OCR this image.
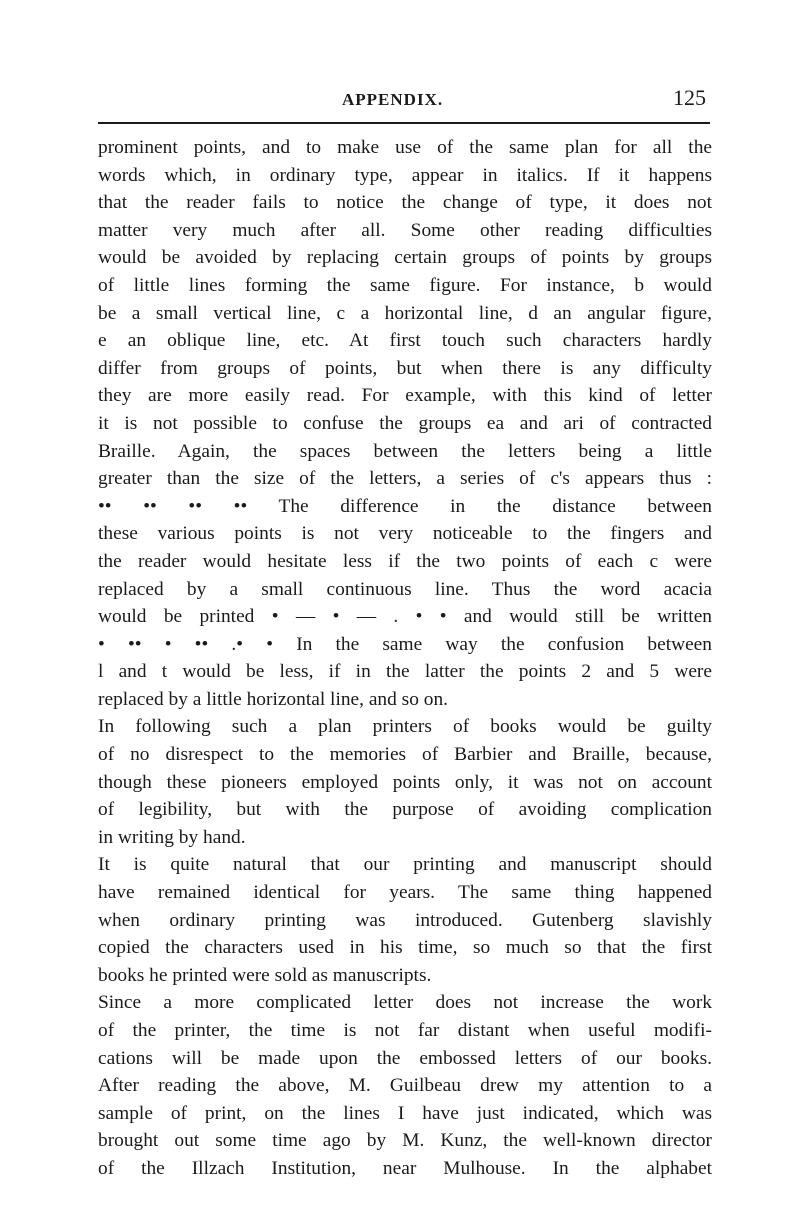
APPENDIX.	125
prominent points, and to make use of the same plan for all the
words which, in ordinary type, appear in italics. If it happens
that the reader fails to notice the change of type, it does not
matter very much after all. Some other reading difficulties
would be avoided by replacing certain groups of points by groups
of little lines forming the same figure. For instance, b would
be a small vertical line, c a horizontal line, d an angular figure,
e an oblique line, etc. At first touch such characters hardly
differ from groups of points, but when there is any difficulty
they are more easily read. For example, with this kind of letter
it is not possible to confuse the groups ea and ari of contracted
Braille. Again, the spaces between the letters being a little
greater than the size of the letters, a series of c's appears thus :
•• •• •• •• The difference in the distance between
these various points is not very noticeable to the fingers and
the reader would hesitate less if the two points of each c were
replaced by a small continuous line. Thus the word acacia
would be printed • — • — . • • and would still be written
• •• • •• .• • In the same way the confusion between
l and t would be less, if in the latter the points 2 and 5 were
replaced by a little horizontal line, and so on.
In following such a plan printers of books would be guilty
of no disrespect to the memories of Barbier and Braille, because,
though these pioneers employed points only, it was not on account
of legibility, but with the purpose of avoiding complication
in writing by hand.
It is quite natural that our printing and manuscript should
have remained identical for years. The same thing happened
when ordinary printing was introduced. Gutenberg slavishly
copied the characters used in his time, so much so that the first
books he printed were sold as manuscripts.
Since a more complicated letter does not increase the work
of the printer, the time is not far distant when useful modifi-
cations will be made upon the embossed letters of our books.
After reading the above, M. Guilbeau drew my attention to a
sample of print, on the lines I have just indicated, which was
brought out some time ago by M. Kunz, the well-known director
of the Illzach Institution, near Mulhouse. In the alphabet
